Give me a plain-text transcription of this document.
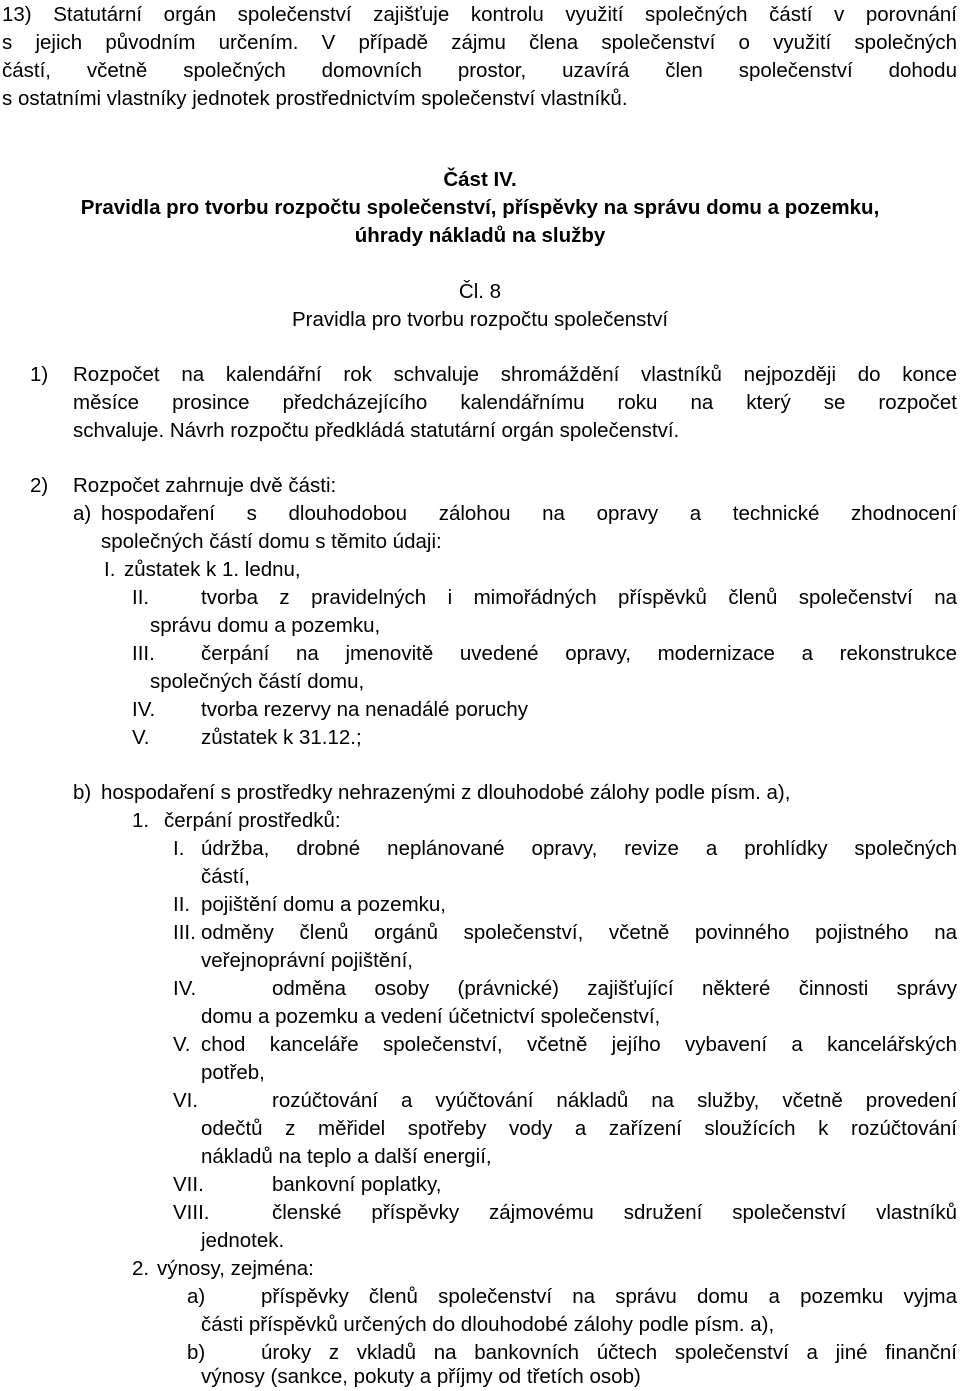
13) Statutární orgán společenství zajišťuje kontrolu využití společných částí v porovnání
s jejich původním určením. V případě zájmu člena společenství o využití společných
částí, včetně společných domovních prostor, uzavírá člen společenství dohodu
s ostatními vlastníky jednotek prostřednictvím společenství vlastníků.
Část IV.
Pravidla pro tvorbu rozpočtu společenství, příspěvky na správu domu a pozemku,
úhrady nákladů na služby
Čl. 8
Pravidla pro tvorbu rozpočtu společenství
1) Rozpočet na kalendářní rok schvaluje shromáždění vlastníků nejpozději do konce
měsíce prosince předcházejícího kalendářnímu roku na který se rozpočet
schvaluje. Návrh rozpočtu předkládá statutární orgán společenství.
2) Rozpočet zahrnuje dvě části:
a) hospodaření s dlouhodobou zálohou na opravy a technické zhodnocení
společných částí domu s těmito údaji:
I. zůstatek k 1. lednu,
II.	tvorba z pravidelných i mimořádných příspěvků členů společenství na
správu domu a pozemku,
III. čerpání na jmenovitě uvedené opravy, modernizace a rekonstrukce
společných částí domu,
IV. tvorba rezervy na nenadálé poruchy
V.	zůstatek k 31.12.;
b) hospodaření s prostředky nehrazenými z dlouhodobé zálohy podle písm. a),
1. čerpání prostředků:
I. údržba, drobné neplánované opravy, revize a prohlídky společných
částí,
II. pojištění domu a pozemku,
III. odměny členů orgánů společenství, včetně povinného pojistného na
veřejnoprávní pojištění,
IV.	odměna osoby (právnické) zajišťující některé činnosti správy
domu a pozemku a vedení účetnictví společenství,
V. chod kanceláře společenství, včetně jejího vybavení a kancelářských
potřeb,
VI.	rozúčtování a vyúčtování nákladů na služby, včetně provedení
odečtů z měřidel spotřeby vody a zařízení sloužících k rozúčtování
nákladů na teplo a další energií,
VII.	bankovní poplatky,
VIII.	členské příspěvky zájmovému sdružení společenství vlastníků
jednotek.
2. výnosy, zejména:
a)	příspěvky členů společenství na správu domu a pozemku vyjma
části příspěvků určených do dlouhodobé zálohy podle písm. a),
b)	úroky z vkladů na bankovních účtech společenství a jiné finanční
výnosy (sankce, pokuty a příjmy od třetích osob)
